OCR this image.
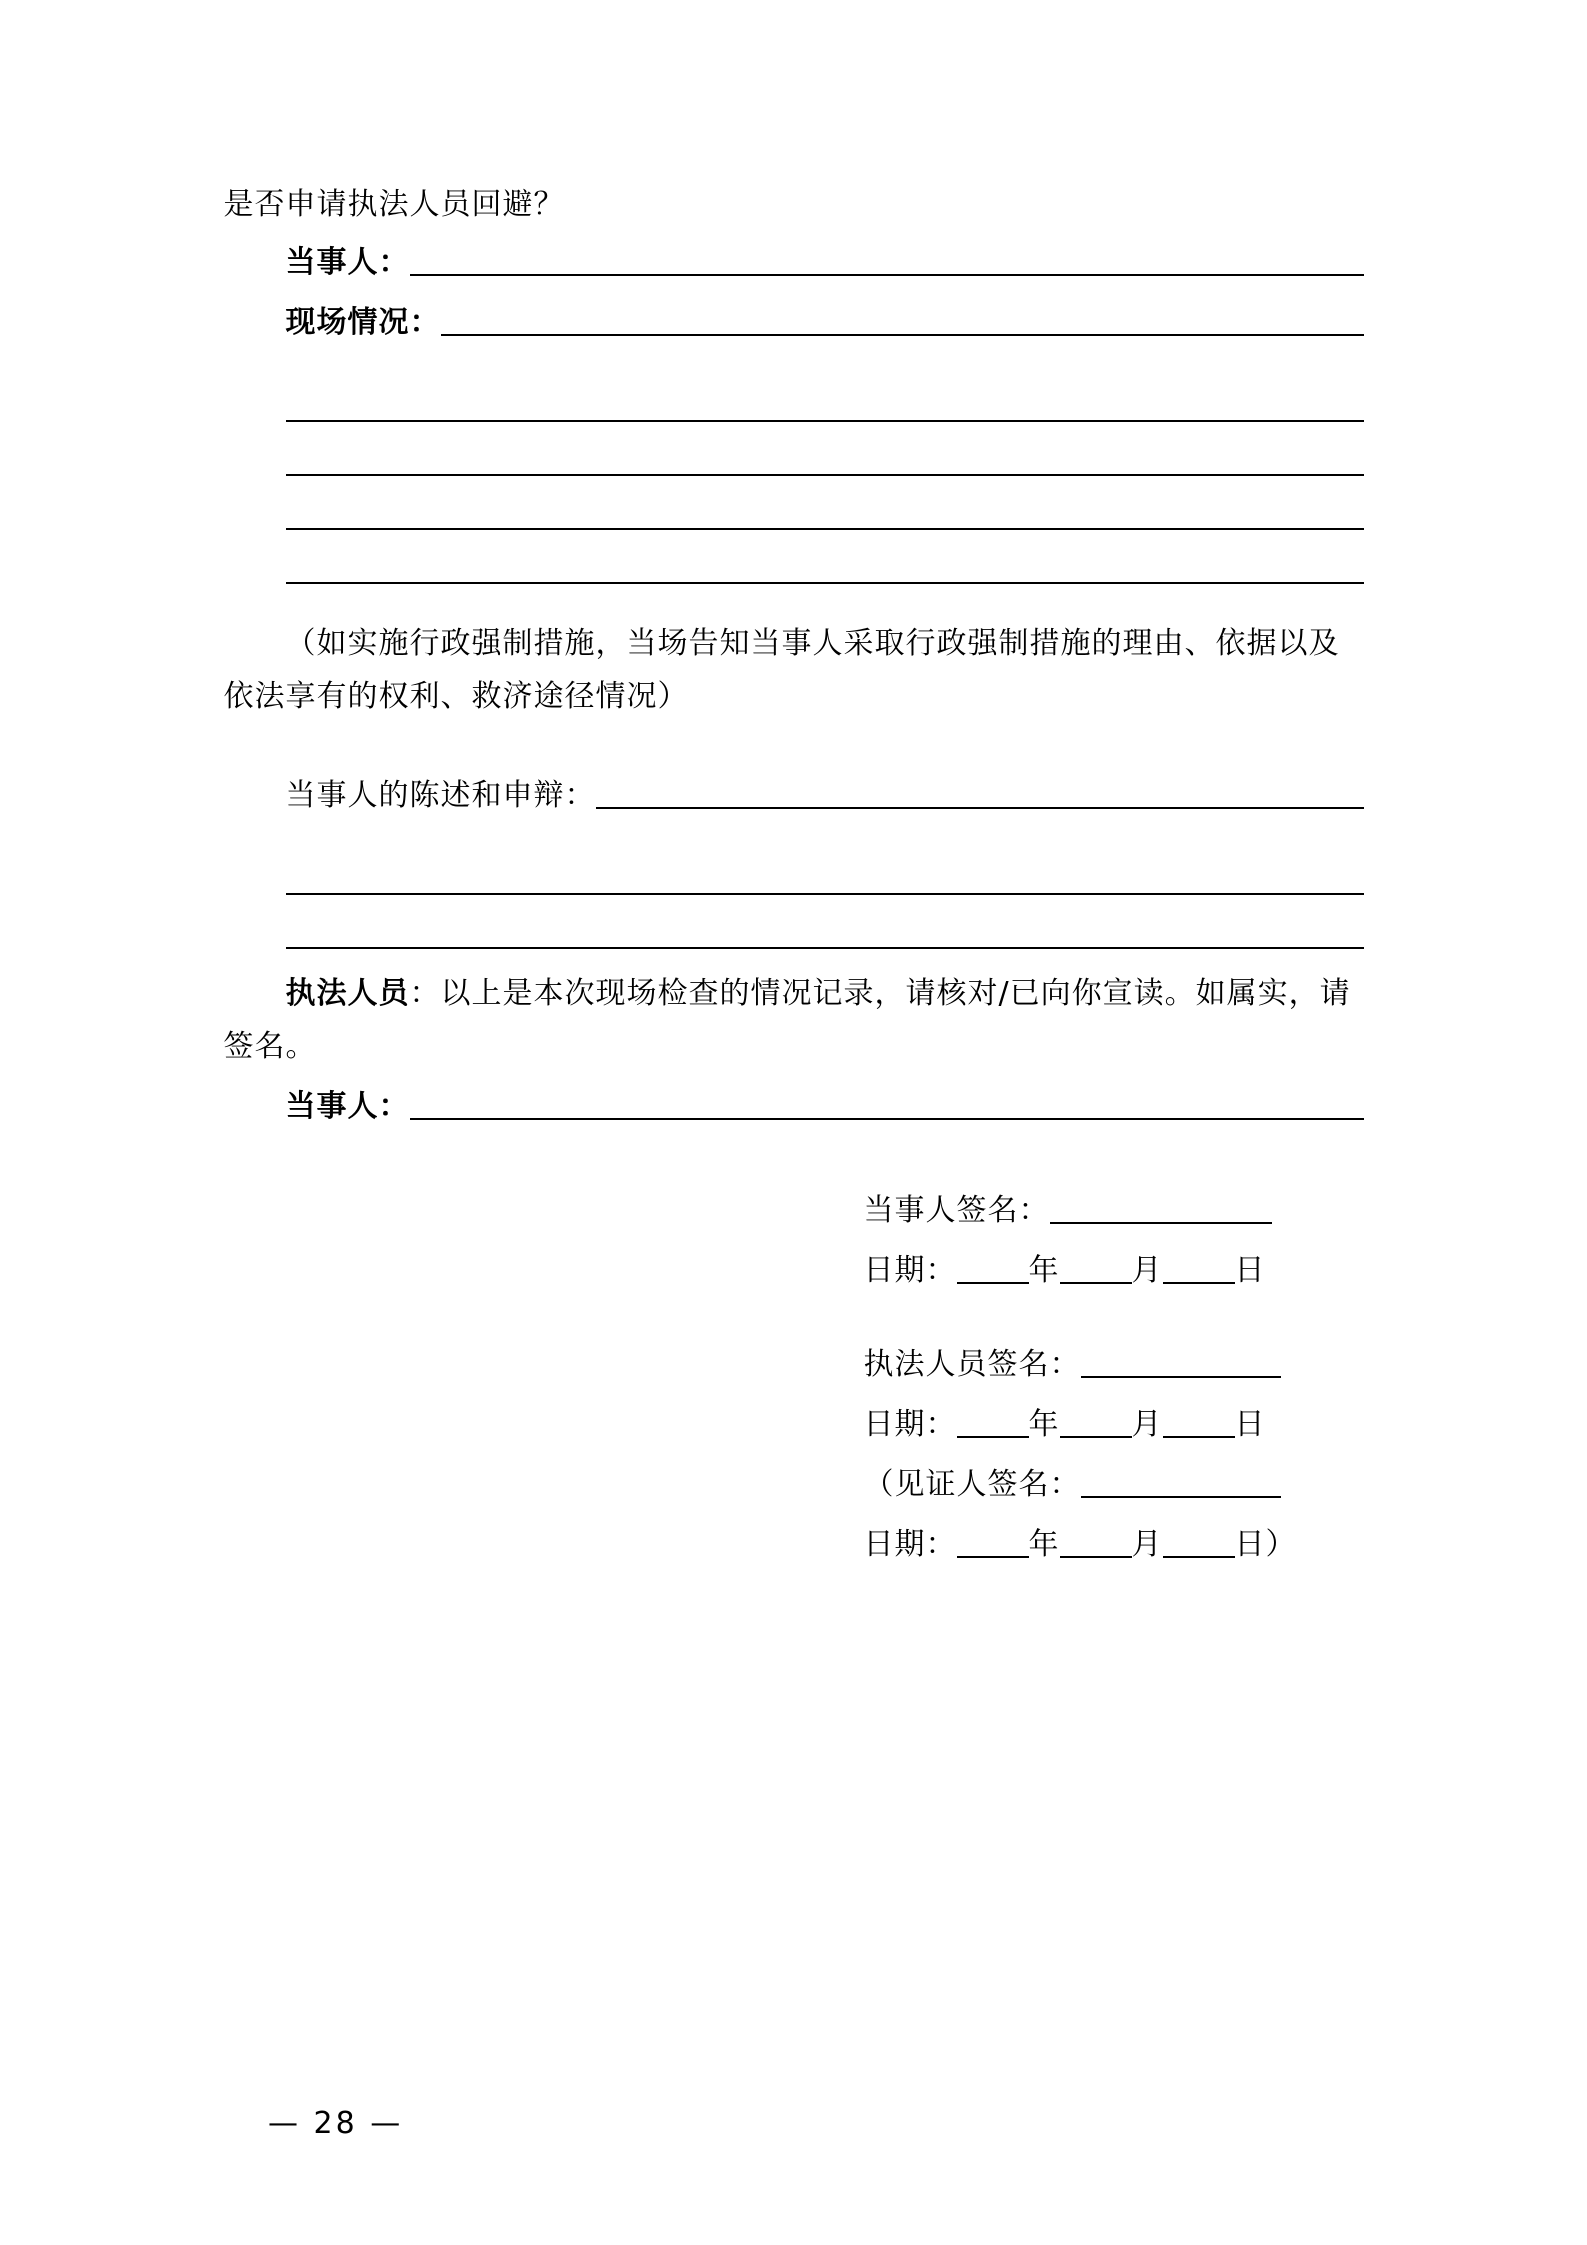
是否申请执法人员回避？
当事人：
现场情况：
（如实施行政强制措施，当场告知当事人采取行政强制措施的理由、依据以及依法享有的权利、救济途径情况）
当事人的陈述和申辩：
执法人员：以上是本次现场检查的情况记录，请核对/已向你宣读。如属实，请签名。
当事人：
当事人签名：
日期： 年 月 日
执法人员签名：
日期： 年 月 日
（见证人签名：
日期： 年 月 日）
— 28 —
